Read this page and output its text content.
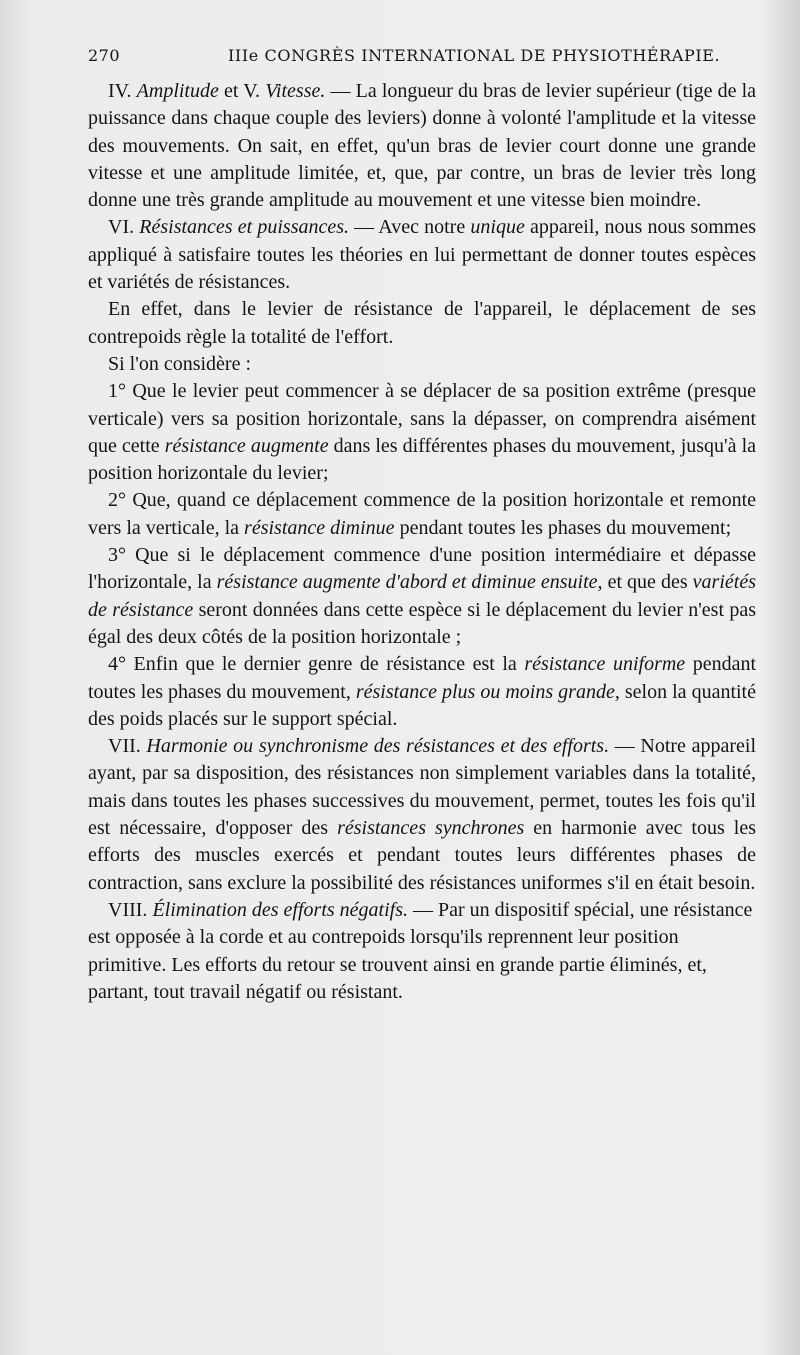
270	IIIe CONGRÈS INTERNATIONAL DE PHYSIOTHÉRAPIE.

IV. Amplitude et V. Vitesse. — La longueur du bras de levier supérieur (tige de la puissance dans chaque couple des leviers) donne à volonté l'amplitude et la vitesse des mouvements. On sait, en effet, qu'un bras de levier court donne une grande vitesse et une amplitude limitée, et, que, par contre, un bras de levier très long donne une très grande amplitude au mouvement et une vitesse bien moindre.

VI. Résistances et puissances. — Avec notre unique appareil, nous nous sommes appliqué à satisfaire toutes les théories en lui permettant de donner toutes espèces et variétés de résistances.

En effet, dans le levier de résistance de l'appareil, le déplacement de ses contrepoids règle la totalité de l'effort.

Si l'on considère :

1° Que le levier peut commencer à se déplacer de sa position extrême (presque verticale) vers sa position horizontale, sans la dépasser, on comprendra aisément que cette résistance augmente dans les différentes phases du mouvement, jusqu'à la position horizontale du levier;

2° Que, quand ce déplacement commence de la position horizontale et remonte vers la verticale, la résistance diminue pendant toutes les phases du mouvement;

3° Que si le déplacement commence d'une position intermédiaire et dépasse l'horizontale, la résistance augmente d'abord et diminue ensuite, et que des variétés de résistance seront données dans cette espèce si le déplacement du levier n'est pas égal des deux côtés de la position horizontale ;

4° Enfin que le dernier genre de résistance est la résistance uniforme pendant toutes les phases du mouvement, résistance plus ou moins grande, selon la quantité des poids placés sur le support spécial.

VII. Harmonie ou synchronisme des résistances et des efforts. — Notre appareil ayant, par sa disposition, des résistances non simplement variables dans la totalité, mais dans toutes les phases successives du mouvement, permet, toutes les fois qu'il est nécessaire, d'opposer des résistances synchrones en harmonie avec tous les efforts des muscles exercés et pendant toutes leurs différentes phases de contraction, sans exclure la possibilité des résistances uniformes s'il en était besoin.

VIII. Élimination des efforts négatifs. — Par un dispositif spécial, une résistance est opposée à la corde et au contrepoids lorsqu'ils reprennent leur position primitive. Les efforts du retour se trouvent ainsi en grande partie éliminés, et, partant, tout travail négatif ou résistant.
